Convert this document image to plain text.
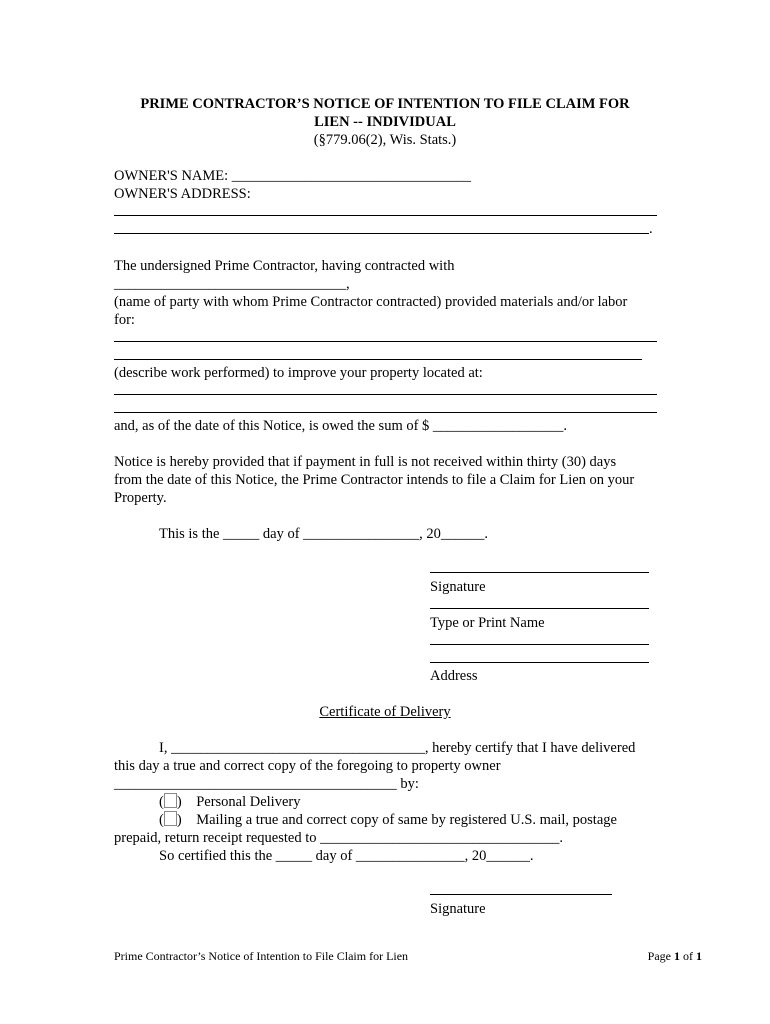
PRIME CONTRACTOR’S NOTICE OF INTENTION TO FILE CLAIM FOR
LIEN -- INDIVIDUAL
(§779.06(2), Wis. Stats.)
OWNER'S NAME: _________________________________
OWNER'S ADDRESS:
.
The undersigned Prime Contractor, having contracted with
________________________________,
(name of party with whom Prime Contractor contracted) provided materials and/or labor
for:
(describe work performed) to improve your property located at:
and, as of the date of this Notice, is owed the sum of $ __________________.
Notice is hereby provided that if payment in full is not received within thirty (30) days
from the date of this Notice, the Prime Contractor intends to file a Claim for Lien on your
Property.
This is the _____ day of ________________, 20______.
Signature
Type or Print Name
Address
Certificate of Delivery
I, ___________________________________, hereby certify that I have delivered
this day a true and correct copy of the foregoing to property owner
_______________________________________ by:
( )    Personal Delivery
( )    Mailing a true and correct copy of same by registered U.S. mail, postage
prepaid, return receipt requested to _________________________________.
So certified this the _____ day of _______________, 20______.
Signature
Prime Contractor’s Notice of Intention to File Claim for Lien	Page 1 of 1
